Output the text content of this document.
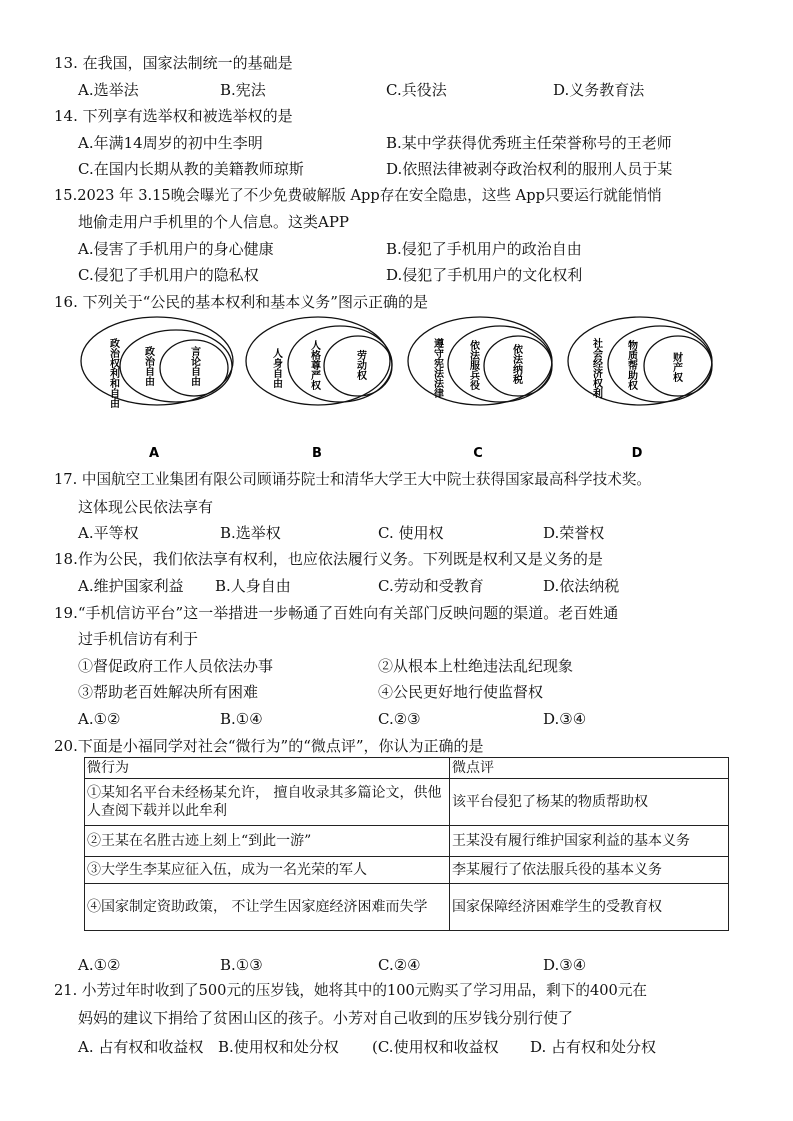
13. 在我国，国家法制统一的基础是
A.选举法	B.宪法	C.兵役法	D.义务教育法
14. 下列享有选举权和被选举权的是
A.年满14周岁的初中生李明	B.某中学获得优秀班主任荣誉称号的王老师
C.在国内长期从教的美籍教师琼斯	D.依照法律被剥夺政治权利的服刑人员于某
15.2023 年 3.15晚会曝光了不少免费破解版 App存在安全隐患，这些 App只要运行就能悄悄
地偷走用户手机里的个人信息。这类APP
A.侵害了手机用户的身心健康	B.侵犯了手机用户的政治自由
C.侵犯了手机用户的隐私权	D.侵犯了手机用户的文化权利
16. 下列关于“公民的基本权利和基本义务”图示正确的是
政治权利和自由 政治自由	言论自由
A
人身自由	人格尊严权	劳动权
B
遵守宪法法律	依法服兵役	依法纳税
C
社会经济权利 物质帮助权	财产权
D
17. 中国航空工业集团有限公司顾诵芬院士和清华大学王大中院士获得国家最高科学技术奖。
这体现公民依法享有
A.平等权	B.选举权	C. 使用权	D.荣誉权
18.作为公民，我们依法享有权利，也应依法履行义务。下列既是权利又是义务的是
A.维护国家利益 B.人身自由	C.劳动和受教育	D.依法纳税
19.“手机信访平台”这一举措进一步畅通了百姓向有关部门反映问题的渠道。老百姓通
过手机信访有利于
①督促政府工作人员依法办事	②从根本上杜绝违法乱纪现象
③帮助老百姓解决所有困难	④公民更好地行使监督权
A.①②	B.①④	C.②③	D.③④
20.下面是小福同学对社会“微行为”的“微点评”，你认为正确的是
微行为	微点评
①某知名平台未经杨某允许， 擅自收录其多篇论文，供他人查阅下载并以此牟利	该平台侵犯了杨某的物质帮助权
②王某在名胜古迹上刻上“到此一游”	王某没有履行维护国家利益的基本义务
③大学生李某应征入伍，成为一名光荣的军人	李某履行了依法服兵役的基本义务
④国家制定资助政策， 不让学生因家庭经济困难而失学	国家保障经济困难学生的受教育权
A.①②	B.①③	C.②④	D.③④
21. 小芳过年时收到了500元的压岁钱，她将其中的100元购买了学习用品，剩下的400元在
妈妈的建议下捐给了贫困山区的孩子。小芳对自己收到的压岁钱分别行使了
A. 占有权和收益权 B.使用权和处分权 (C.使用权和收益权 D. 占有权和处分权
